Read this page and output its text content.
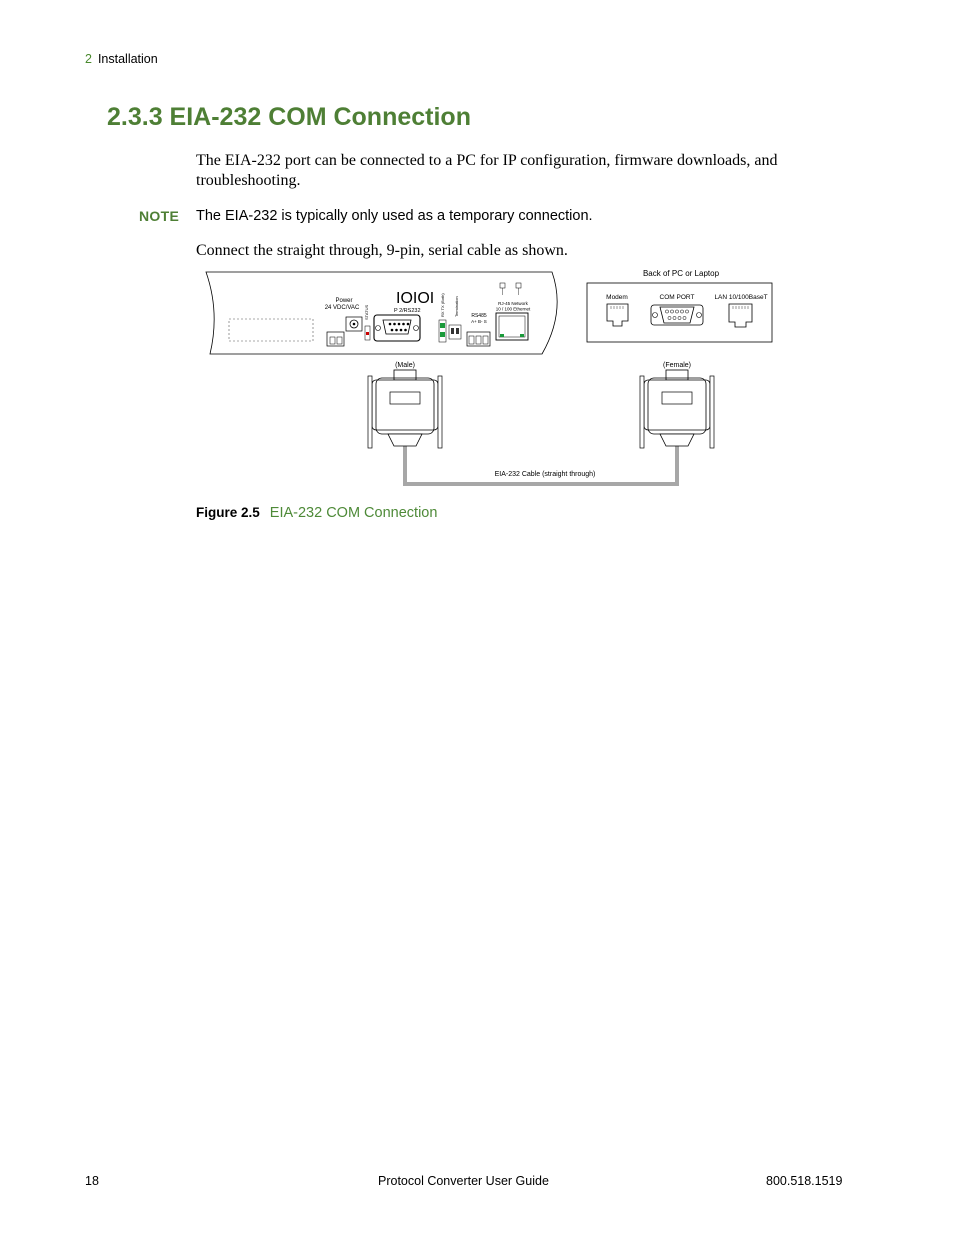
2 Installation
2.3.3 EIA-232 COM Connection
The EIA-232 port can be connected to a PC for IP configuration, firmware downloads, and troubleshooting.
NOTE The EIA-232 is typically only used as a temporary connection.
Connect the straight through, 9-pin, serial cable as shown.
Power
24 VDC/VAC STATUS
IOIOI
P 2/RS232	RX TX (Both) Termination RS485
A+ B- S
RJ-45 Network
10 / 100 Ethernet
Back of PC or Laptop
Modem	COM PORT	LAN 10/100BaseT
(Male)	(Female)
EIA-232 Cable (straight through)
Figure 2.5 EIA-232 COM Connection
18	Protocol Converter User Guide	800.518.1519
